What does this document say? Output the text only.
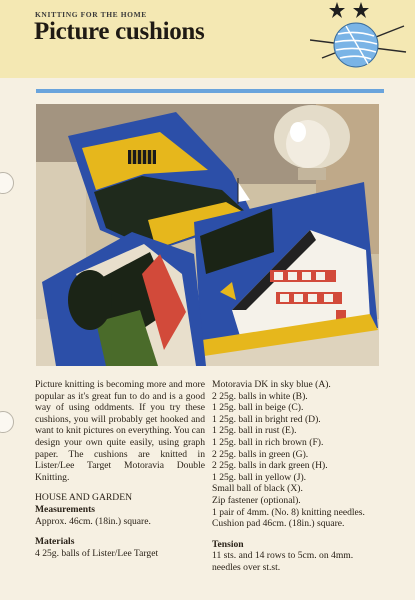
KNITTING FOR THE HOME
Picture cushions

Picture knitting is becoming more and more popular as it's great fun to do and is a good way of using oddments. If you try these cushions, you will probably get hooked and want to knit pictures on everything. You can design your own quite easily, using graph paper. The cushions are knitted in Lister/Lee Target Motoravia Double Knitting.

HOUSE AND GARDEN

Measurements

Approx. 46cm. (18in.) square.

Materials

4 25g. balls of Lister/Lee Target

Motoravia DK in sky blue (A).

2 25g. balls in white (B).

1 25g. ball in beige (C).

1 25g. ball in bright red (D).

1 25g. ball in rust (E).

1 25g. ball in rich brown (F).

2 25g. balls in green (G).

2 25g. balls in dark green (H).

1 25g. ball in yellow (J).

Small ball of black (X).

Zip fastener (optional).

1 pair of 4mm. (No. 8) knitting needles.

Cushion pad 46cm. (18in.) square.

Tension

11 sts. and 14 rows to 5cm. on 4mm.

needles over st.st.
